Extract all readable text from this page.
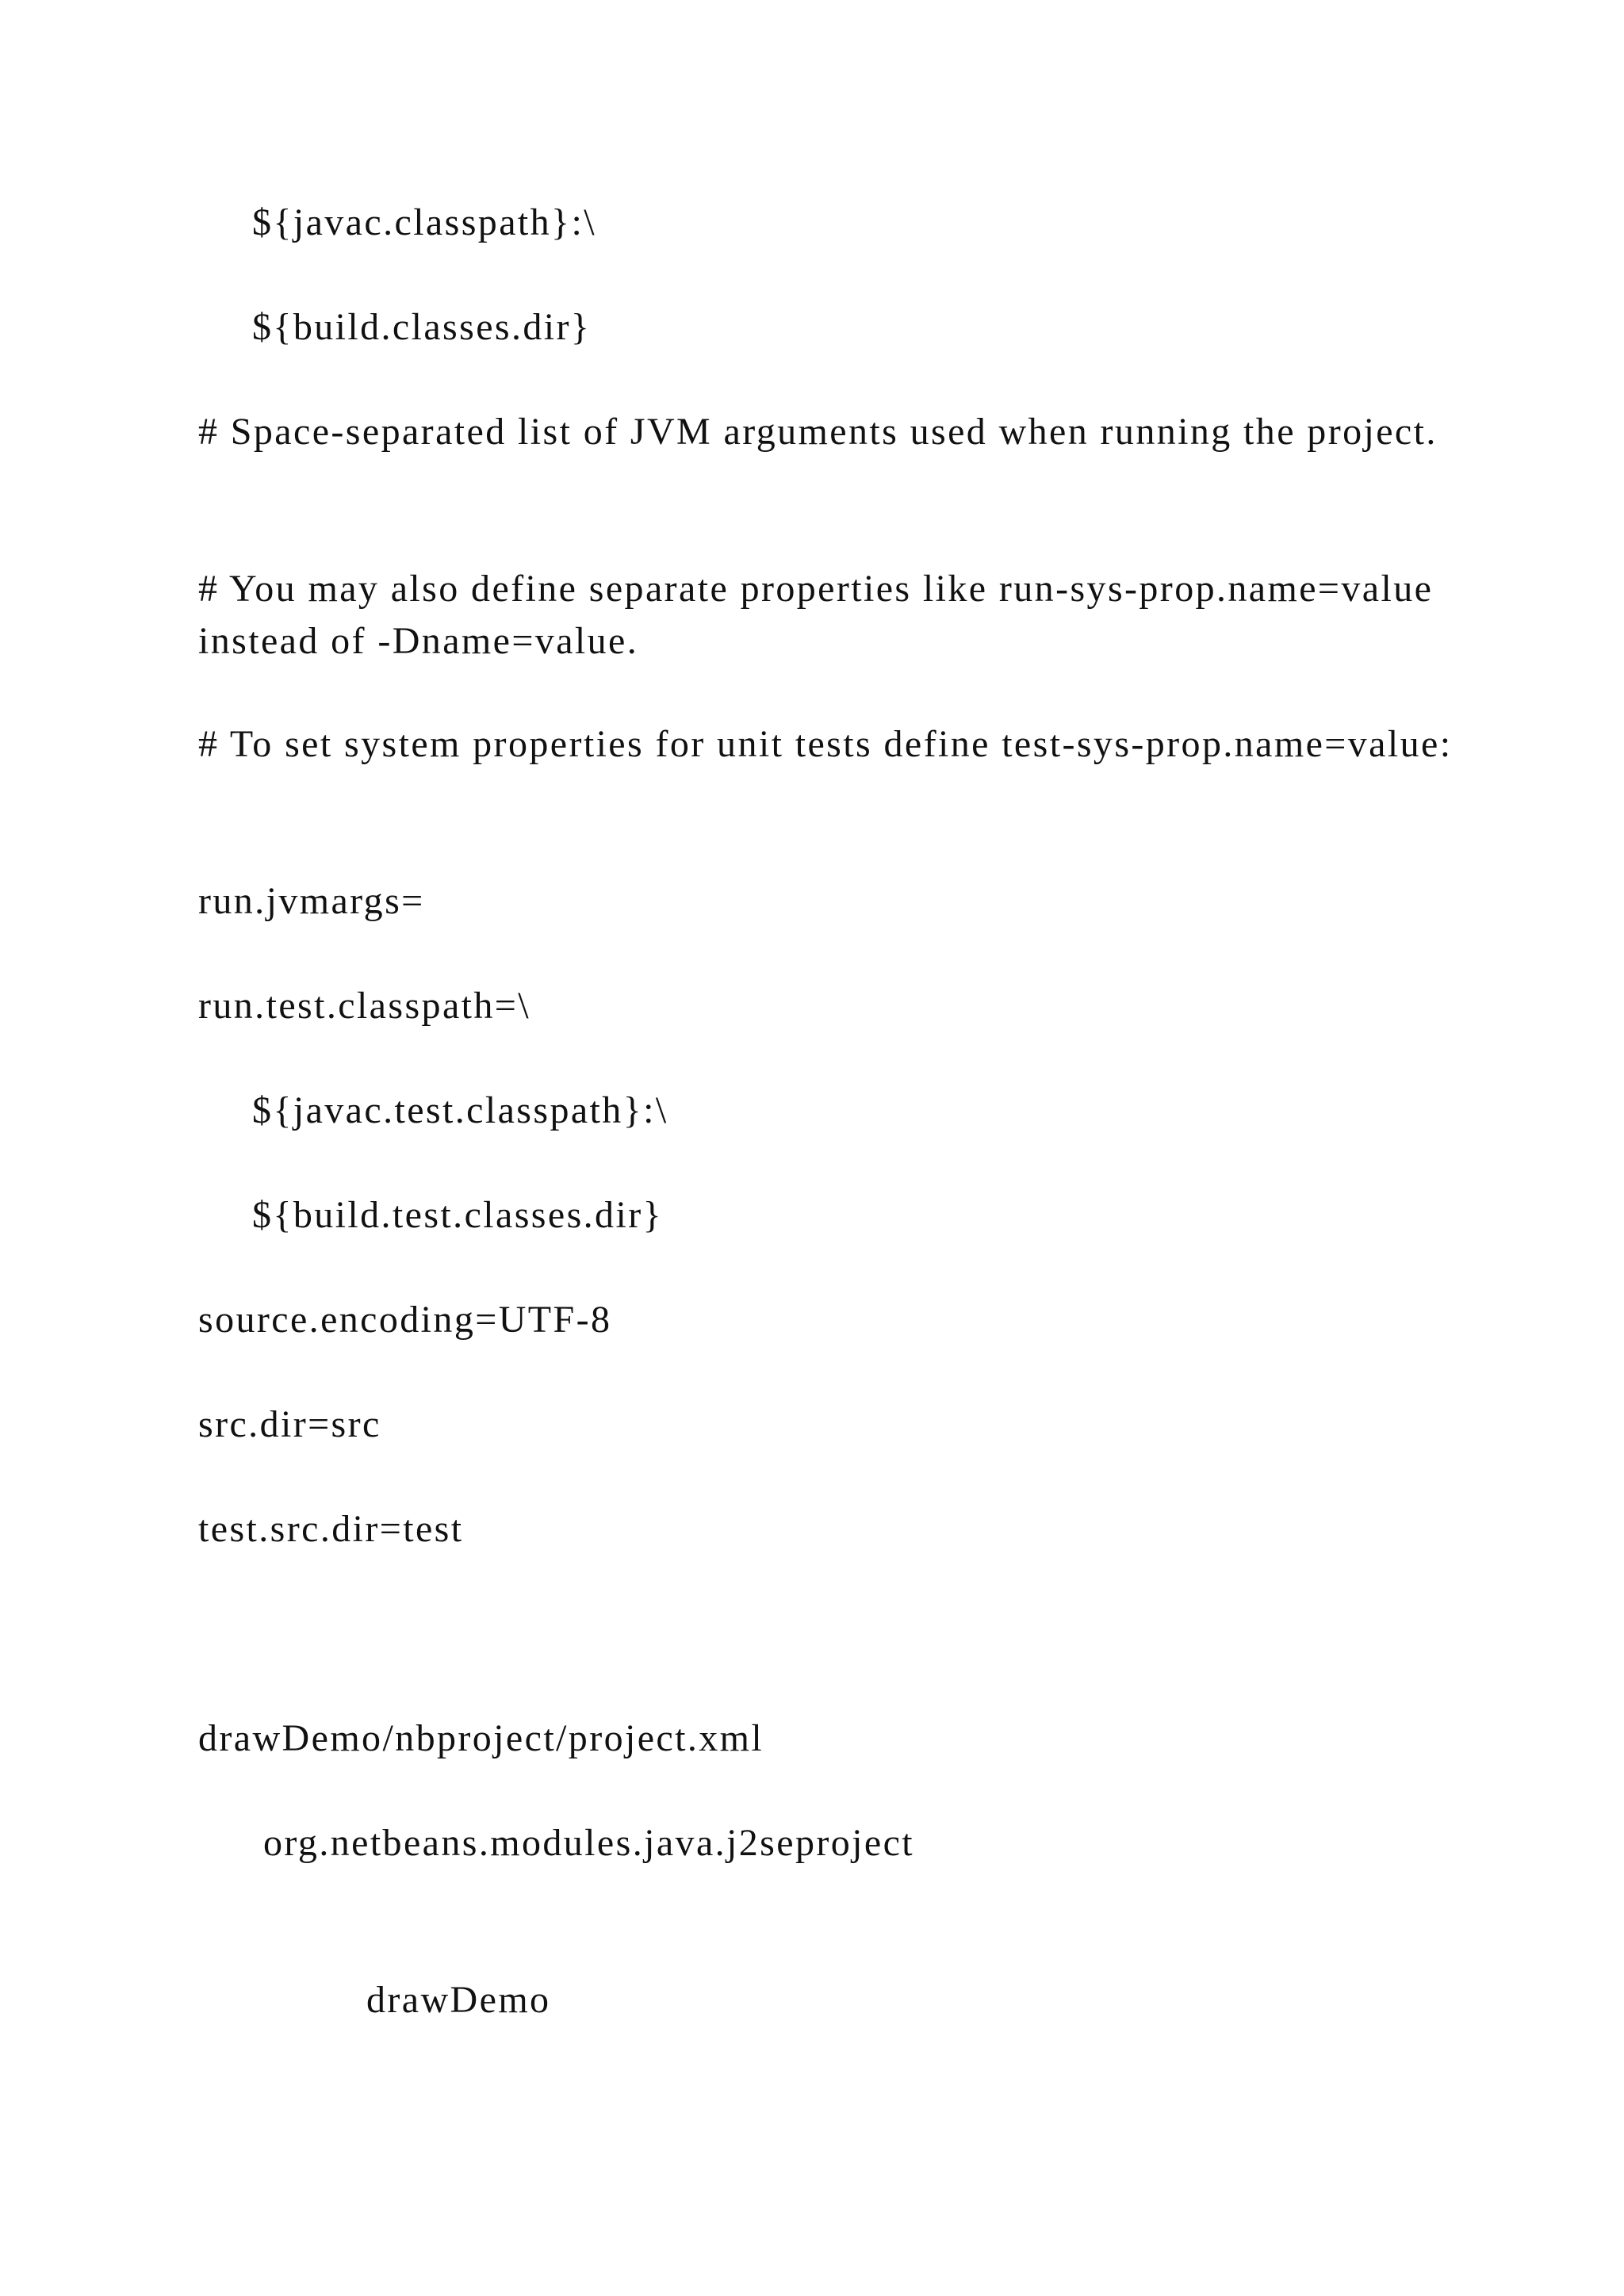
${javac.classpath}:\

${build.classes.dir}

# Space-separated list of JVM arguments used when running the project.

# You may also define separate properties like run-sys-prop.name=value instead of -Dname=value.

# To set system properties for unit tests define test-sys-prop.name=value:

run.jvmargs=

run.test.classpath=\

${javac.test.classpath}:\

${build.test.classes.dir}

source.encoding=UTF-8

src.dir=src

test.src.dir=test

drawDemo/nbproject/project.xml

org.netbeans.modules.java.j2seproject

drawDemo
